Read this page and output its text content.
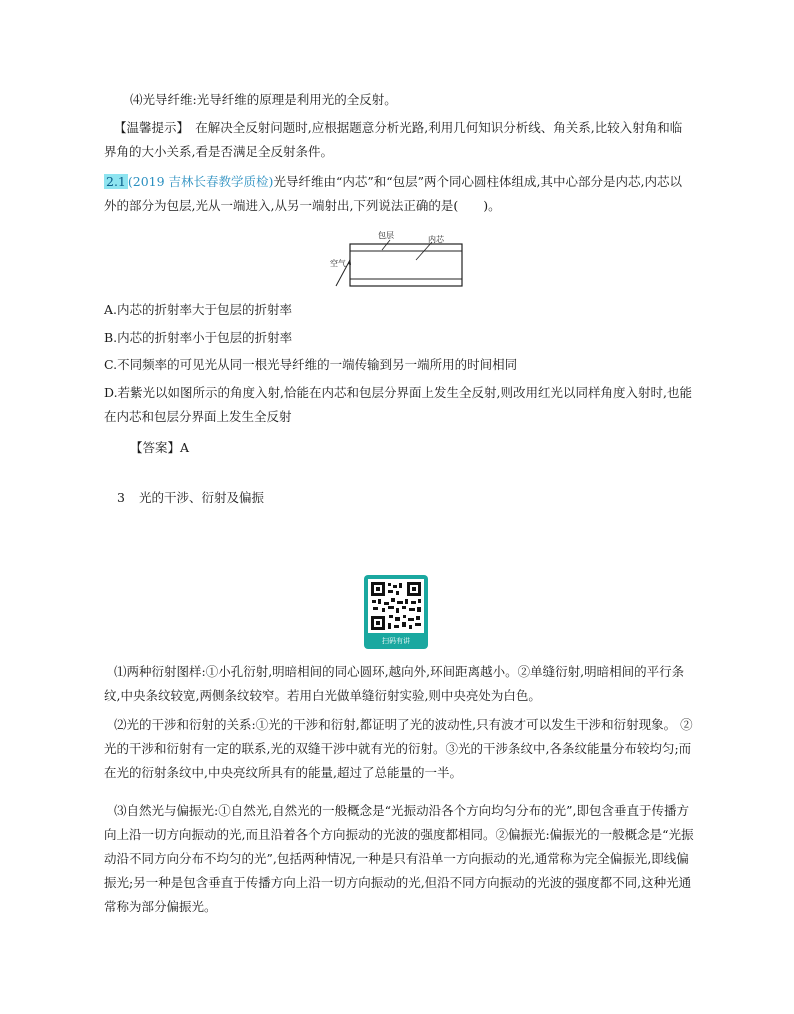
⑷光导纤维:光导纤维的原理是利用光的全反射。

【温馨提示】　 在解决全反射问题时,应根据题意分析光路,利用几何知识分析线、角关系,比较入射角和临界角的大小关系,看是否满足全反射条件。

2.1 (2019 吉林长春教学质检)光导纤维由“内芯”和“包层”两个同心圆柱体组成,其中心部分是内芯,内芯以外的部分为包层,光从一端进入,从另一端射出,下列说法正确的是(　　)。

包层	内芯
空气

A.内芯的折射率大于包层的折射率

B.内芯的折射率小于包层的折射率

C.不同频率的可见光从同一根光导纤维的一端传输到另一端所用的时间相同

D.若紫光以如图所示的角度入射,恰能在内芯和包层分界面上发生全反射,则改用红光以同样角度入射时,也能在内芯和包层分界面上发生全反射

【答案】A

3 光的干涉、衍射及偏振
扫码有讲

⑴两种衍射图样:①小孔衍射,明暗相间的同心圆环,越向外,环间距离越小。②单缝衍射,明暗相间的平行条纹,中央条纹较宽,两侧条纹较窄。若用白光做单缝衍射实验,则中央亮处为白色。

⑵光的干涉和衍射的关系:①光的干涉和衍射,都证明了光的波动性,只有波才可以发生干涉和衍射现象。 ②光的干涉和衍射有一定的联系,光的双缝干涉中就有光的衍射。③光的干涉条纹中,各条纹能量分布较均匀;而在光的衍射条纹中,中央亮纹所具有的能量,超过了总能量的一半。

⑶自然光与偏振光:①自然光,自然光的一般概念是“光振动沿各个方向均匀分布的光”,即包含垂直于传播方向上沿一切方向振动的光,而且沿着各个方向振动的光波的强度都相同。②偏振光:偏振光的一般概念是“光振动沿不同方向分布不均匀的光”,包括两种情况,一种是只有沿单一方向振动的光,通常称为完全偏振光,即线偏振光;另一种是包含垂直于传播方向上沿一切方向振动的光,但沿不同方向振动的光波的强度都不同,这种光通常称为部分偏振光。
